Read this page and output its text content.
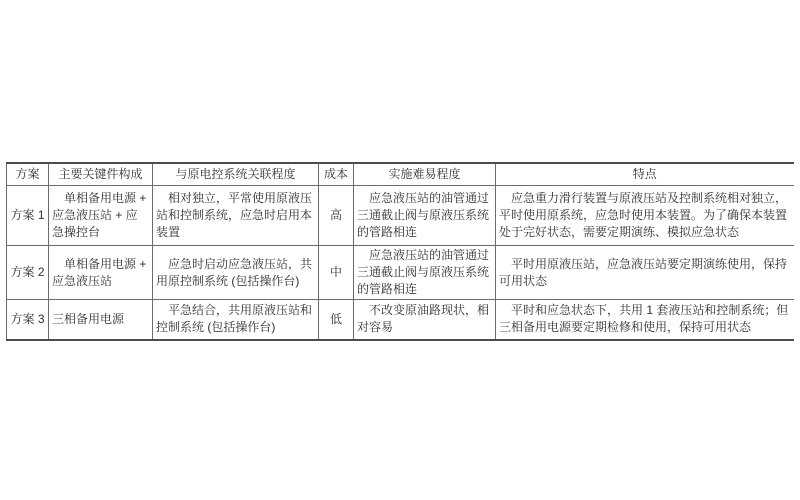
方案	主要关键件构成	与原电控系统关联程度	成本	实施难易程度	特点
方案 1	单相备用电源 + 应急液压站 + 应急操控台	相对独立，平常使用原液压站和控制系统，应急时启用本装置	高	应急液压站的油管通过三通截止阀与原液压系统的管路相连	应急重力滑行装置与原液压站及控制系统相对独立，平时使用原系统，应急时使用本装置。为了确保本装置处于完好状态，需要定期演练、模拟应急状态
方案 2	单相备用电源 + 应急液压站	应急时启动应急液压站，共用原控制系统 (包括操作台)	中	应急液压站的油管通过三通截止阀与原液压系统的管路相连	平时用原液压站，应急液压站要定期演练使用，保持可用状态
方案 3	三相备用电源	平急结合，共用原液压站和控制系统 (包括操作台)	低	不改变原油路现状，相对容易	平时和应急状态下，共用 1 套液压站和控制系统；但三相备用电源要定期检修和使用，保持可用状态
